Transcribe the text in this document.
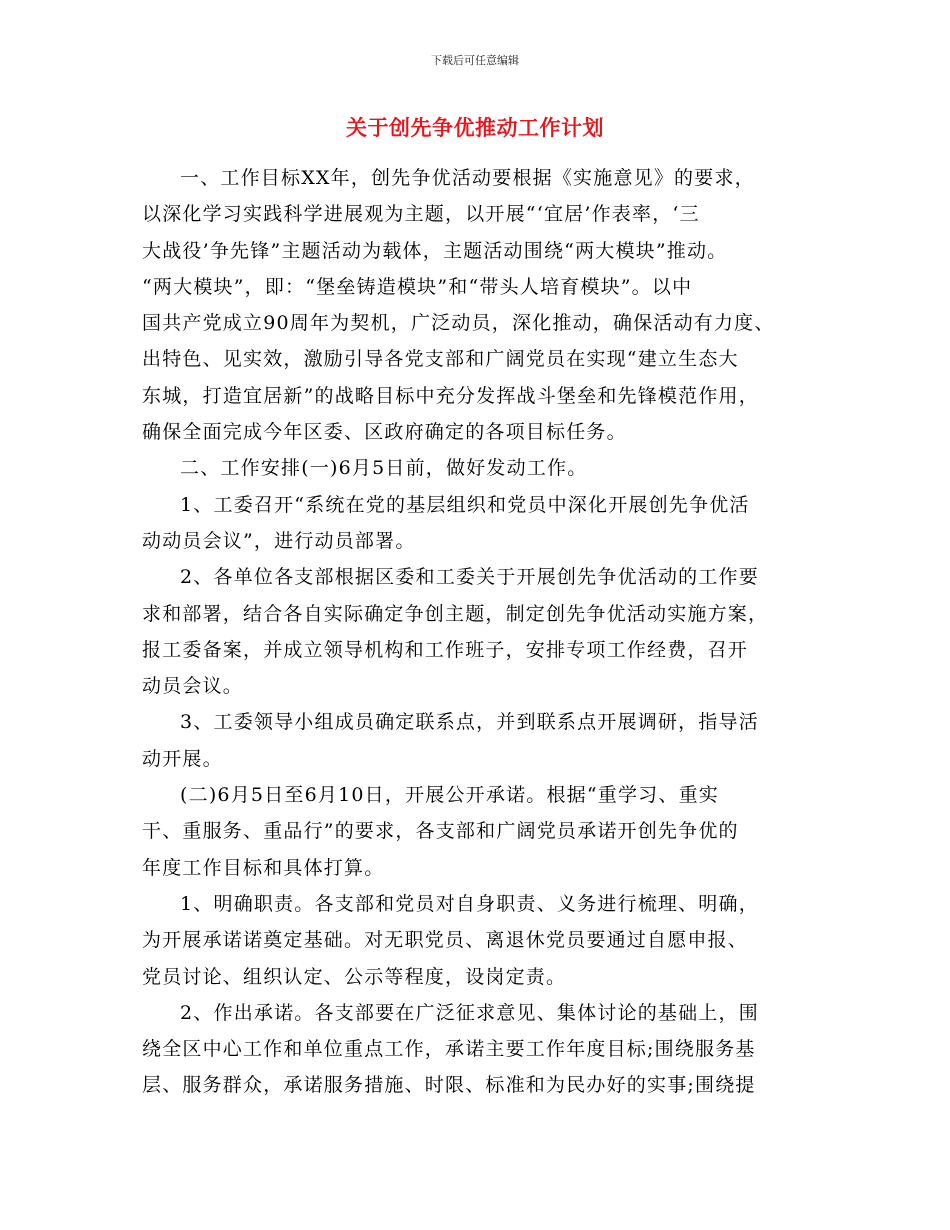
下载后可任意编辑
关于创先争优推动工作计划

一、工作目标XX年，创先争优活动要根据《实施意见》的要求，
以深化学习实践科学进展观为主题，以开展“‘宜居’作表率，‘三
大战役’争先锋”主题活动为载体，主题活动围绕“两大模块”推动。
“两大模块”，即：“堡垒铸造模块”和“带头人培育模块”。以中
国共产党成立90周年为契机，广泛动员，深化推动，确保活动有力度、
出特色、见实效，激励引导各党支部和广阔党员在实现“建立生态大
东城，打造宜居新”的战略目标中充分发挥战斗堡垒和先锋模范作用，
确保全面完成今年区委、区政府确定的各项目标任务。

二、工作安排(一)6月5日前，做好发动工作。

1、工委召开“系统在党的基层组织和党员中深化开展创先争优活
动动员会议”，进行动员部署。

2、各单位各支部根据区委和工委关于开展创先争优活动的工作要
求和部署，结合各自实际确定争创主题，制定创先争优活动实施方案，
报工委备案，并成立领导机构和工作班子，安排专项工作经费，召开
动员会议。

3、工委领导小组成员确定联系点，并到联系点开展调研，指导活
动开展。

(二)6月5日至6月10日，开展公开承诺。根据“重学习、重实
干、重服务、重品行”的要求，各支部和广阔党员承诺开创先争优的
年度工作目标和具体打算。

1、明确职责。各支部和党员对自身职责、义务进行梳理、明确，
为开展承诺诺奠定基础。对无职党员、离退休党员要通过自愿申报、
党员讨论、组织认定、公示等程度，设岗定责。

2、作出承诺。各支部要在广泛征求意见、集体讨论的基础上，围
绕全区中心工作和单位重点工作，承诺主要工作年度目标;围绕服务基
层、服务群众，承诺服务措施、时限、标准和为民办好的实事;围绕提
